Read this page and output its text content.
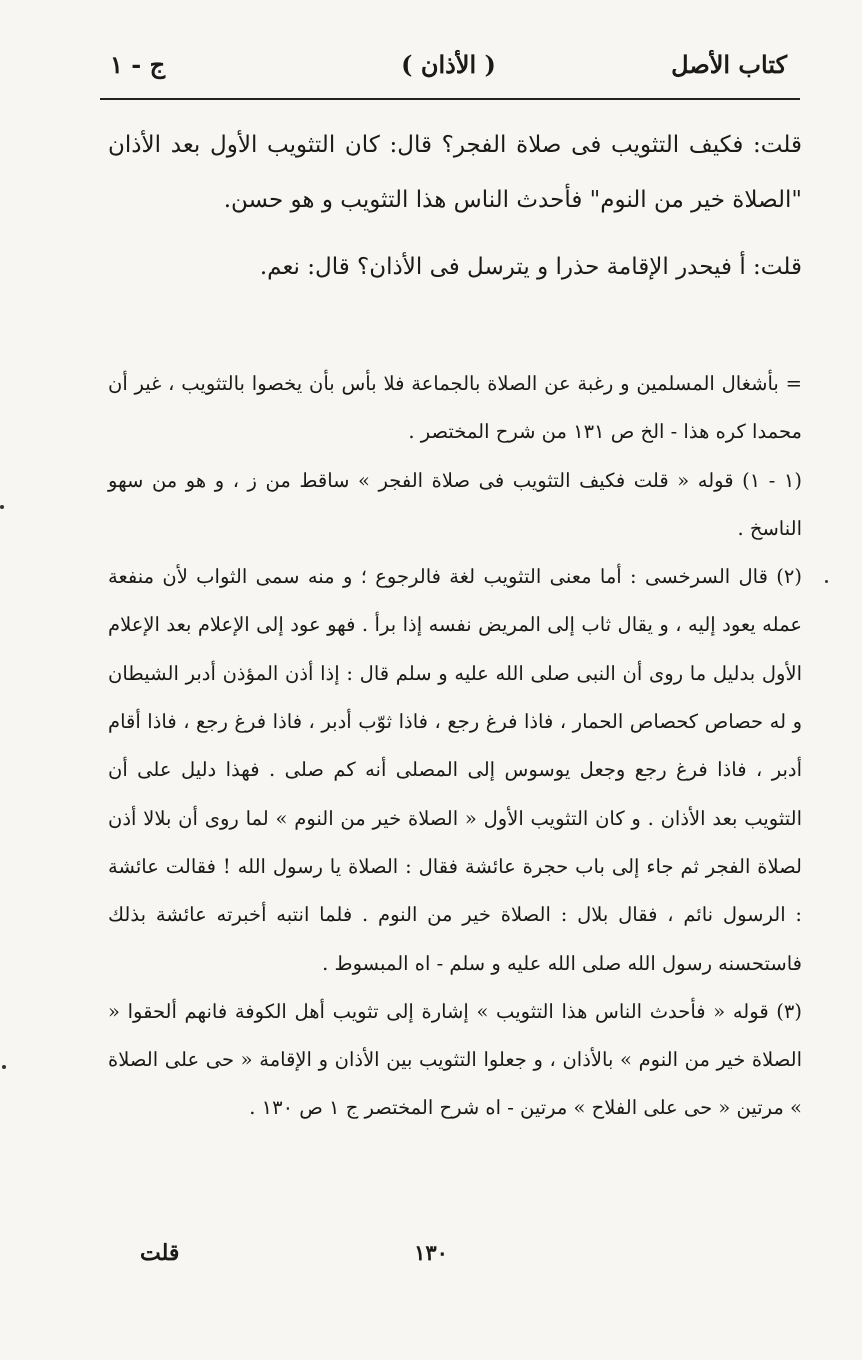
كتاب الأصل
( الأذان )
ج - ١

قلت: فكيف التثويب فى صلاة الفجر؟ قال: كان التثويب الأول بعد الأذان "الصلاة خير من النوم" فأحدث الناس هذا التثويب و هو حسن.

قلت: أ فيحدر الإقامة حذرا و يترسل فى الأذان؟ قال: نعم.

= بأشغال المسلمين و رغبة عن الصلاة بالجماعة فلا بأس بأن يخصوا بالتثويب ، غير أن محمدا كره هذا - الخ ص ١٣١ من شرح المختصر .

(١ - ١) قوله « قلت فكيف التثويب فى صلاة الفجر » ساقط من ز ، و هو من سهو الناسخ .

(٢) قال السرخسى : أما معنى التثويب لغة فالرجوع ؛ و منه سمى الثواب لأن منفعة عمله يعود إليه ، و يقال ثاب إلى المريض نفسه إذا برأ . فهو عود إلى الإعلام بعد الإعلام الأول بدليل ما روى أن النبى صلى الله عليه و سلم قال : إذا أذن المؤذن أدبر الشيطان و له حصاص كحصاص الحمار ، فاذا فرغ رجع ، فاذا ثوّب أدبر ، فاذا فرغ رجع ، فاذا أقام أدبر ، فاذا فرغ رجع وجعل يوسوس إلى المصلى أنه كم صلى . فهذا دليل على أن التثويب بعد الأذان . و كان التثويب الأول « الصلاة خير من النوم » لما روى أن بلالا أذن لصلاة الفجر ثم جاء إلى باب حجرة عائشة فقال : الصلاة يا رسول الله ! فقالت عائشة : الرسول نائم ، فقال بلال : الصلاة خير من النوم . فلما انتبه أخبرته عائشة بذلك فاستحسنه رسول الله صلى الله عليه و سلم - اه المبسوط .

(٣) قوله « فأحدث الناس هذا التثويب » إشارة إلى تثويب أهل الكوفة فانهم ألحقوا « الصلاة خير من النوم » بالأذان ، و جعلوا التثويب بين الأذان و الإقامة « حى على الصلاة » مرتين « حى على الفلاح » مرتين - اه شرح المختصر ج ١ ص ١٣٠ .

١٣٠
قلت
